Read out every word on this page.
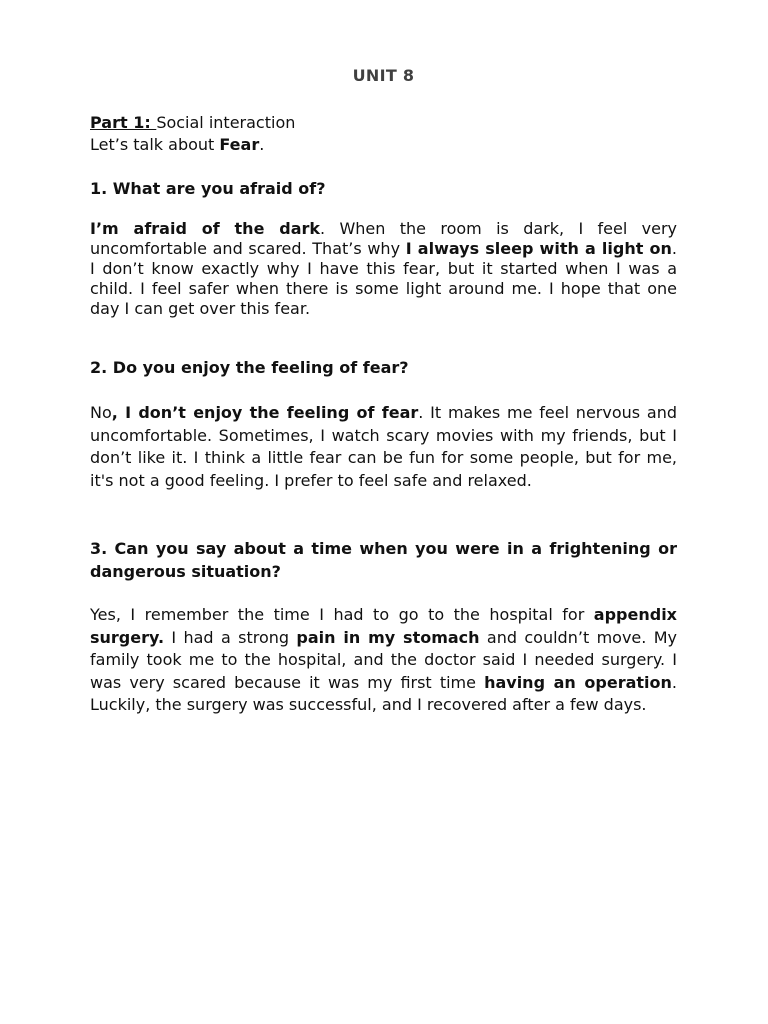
UNIT 8
Part 1: Social interaction
Let’s talk about Fear.
1. What are you afraid of?
I’m afraid of the dark. When the room is dark, I feel very uncomfortable and scared. That’s why I always sleep with a light on. I don’t know exactly why I have this fear, but it started when I was a child. I feel safer when there is some light around me. I hope that one day I can get over this fear.
2. Do you enjoy the feeling of fear?
No, I don’t enjoy the feeling of fear. It makes me feel nervous and uncomfortable. Sometimes, I watch scary movies with my friends, but I don’t like it. I think a little fear can be fun for some people, but for me, it's not a good feeling. I prefer to feel safe and relaxed.
3. Can you say about a time when you were in a frightening or dangerous situation?
Yes, I remember the time I had to go to the hospital for appendix surgery. I had a strong pain in my stomach and couldn’t move. My family took me to the hospital, and the doctor said I needed surgery. I was very scared because it was my first time having an operation. Luckily, the surgery was successful, and I recovered after a few days.
